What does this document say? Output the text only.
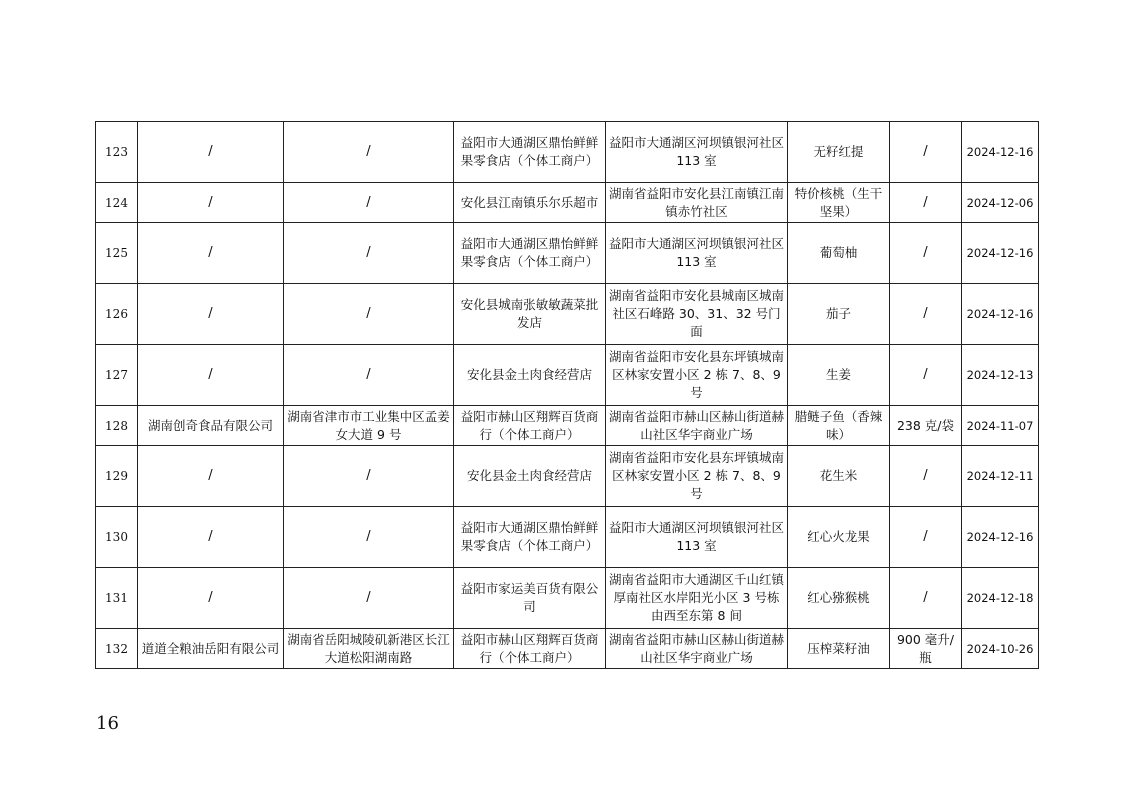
123	/	/	益阳市大通湖区鼎怡鲜鲜果零食店（个体工商户）	益阳市大通湖区河坝镇银河社区 113 室	无籽红提	/	2024-12-16
124	/	/	安化县江南镇乐尔乐超市	湖南省益阳市安化县江南镇江南镇赤竹社区	特价核桃（生干坚果）	/	2024-12-06
125	/	/	益阳市大通湖区鼎怡鲜鲜果零食店（个体工商户）	益阳市大通湖区河坝镇银河社区 113 室	葡萄柚	/	2024-12-16
126	/	/	安化县城南张敏敏蔬菜批发店	湖南省益阳市安化县城南区城南社区石峰路 30、31、32 号门面	茄子	/	2024-12-16
127	/	/	安化县金土肉食经营店	湖南省益阳市安化县东坪镇城南区林家安置小区 2 栋 7、8、9 号	生姜	/	2024-12-13
128	湖南创奇食品有限公司	湖南省津市市工业集中区孟姜女大道 9 号	益阳市赫山区翔辉百货商行（个体工商户）	湖南省益阳市赫山区赫山街道赫山社区华宇商业广场	腊鲢子鱼（香辣味）	238 克/袋	2024-11-07
129	/	/	安化县金土肉食经营店	湖南省益阳市安化县东坪镇城南区林家安置小区 2 栋 7、8、9 号	花生米	/	2024-12-11
130	/	/	益阳市大通湖区鼎怡鲜鲜果零食店（个体工商户）	益阳市大通湖区河坝镇银河社区 113 室	红心火龙果	/	2024-12-16
131	/	/	益阳市家运美百货有限公司	湖南省益阳市大通湖区千山红镇厚南社区水岸阳光小区 3 号栋由西至东第 8 间	红心猕猴桃	/	2024-12-18
132	道道全粮油岳阳有限公司	湖南省岳阳城陵矶新港区长江大道松阳湖南路	益阳市赫山区翔辉百货商行（个体工商户）	湖南省益阳市赫山区赫山街道赫山社区华宇商业广场	压榨菜籽油	900 毫升/瓶	2024-10-26
16
